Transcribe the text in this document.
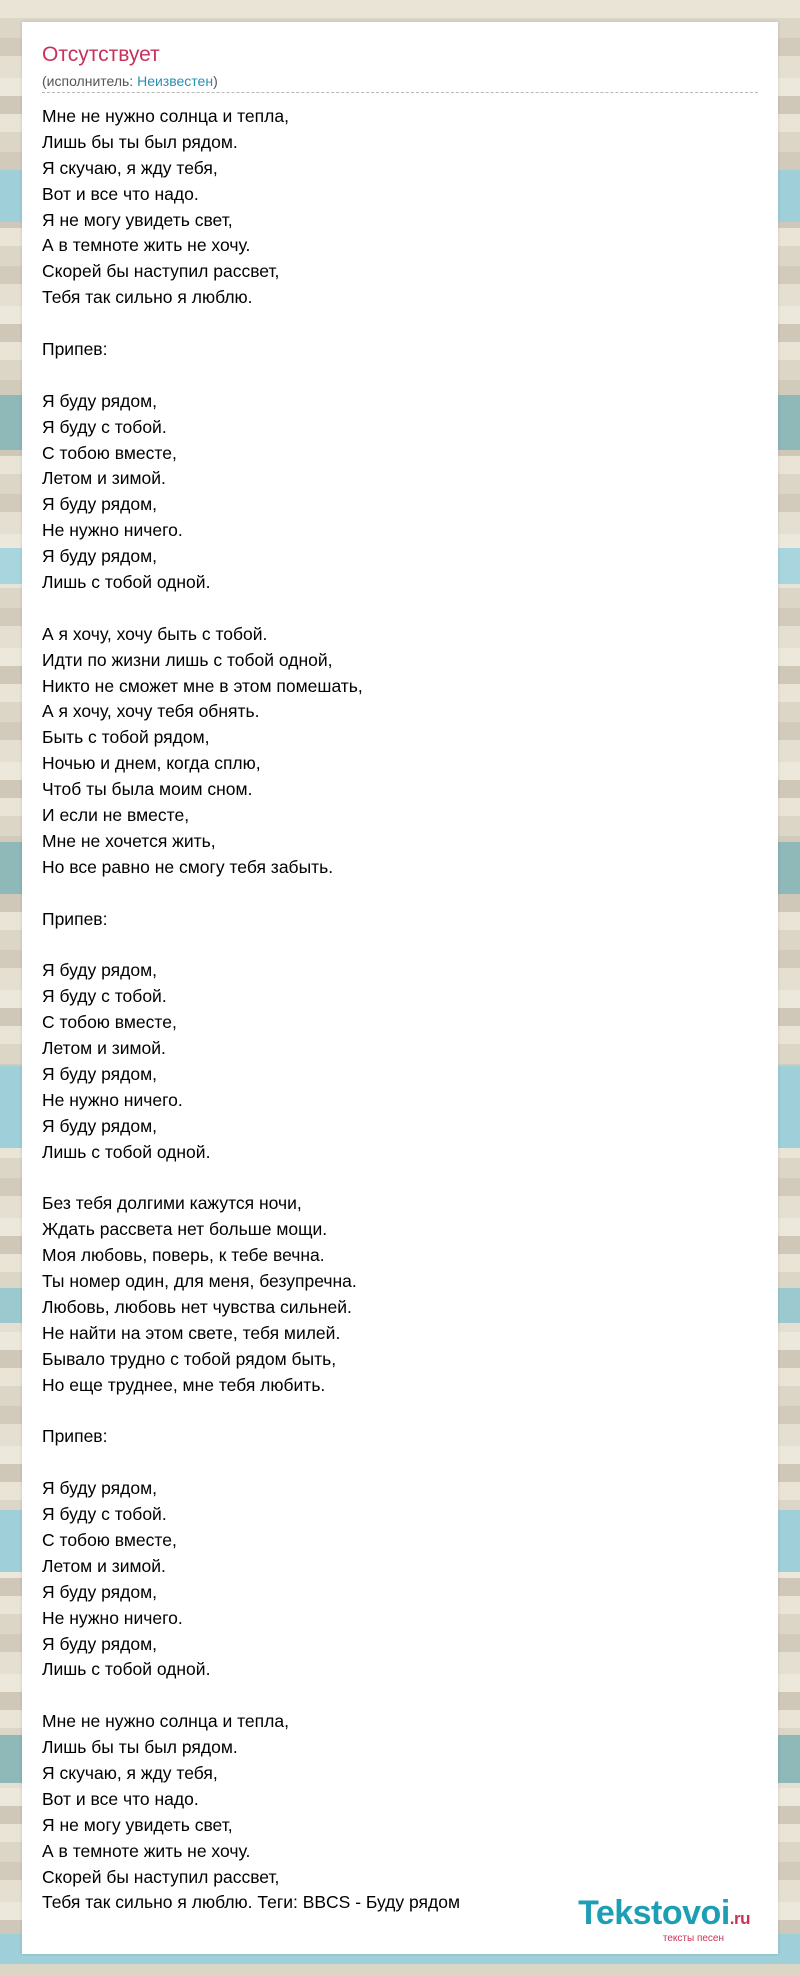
Отсутствует
(исполнитель: Неизвестен)
Мне не нужно солнца и тепла,
Лишь бы ты был рядом.
Я скучаю, я жду тебя,
Вот и все что надо.
Я не могу увидеть свет,
А в темноте жить не хочу.
Скорей бы наступил рассвет,
Тебя так сильно я люблю.
Припев:
Я буду рядом,
Я буду с тобой.
С тобою вместе,
Летом и зимой.
Я буду рядом,
Не нужно ничего.
Я буду рядом,
Лишь с тобой одной.
А я хочу, хочу быть с тобой.
Идти по жизни лишь с тобой одной,
Никто не сможет мне в этом помешать,
А я хочу, хочу тебя обнять.
Быть с тобой рядом,
Ночью и днем, когда сплю,
Чтоб ты была моим сном.
И если не вместе,
Мне не хочется жить,
Но все равно не смогу тебя забыть.
Припев:
Я буду рядом,
Я буду с тобой.
С тобою вместе,
Летом и зимой.
Я буду рядом,
Не нужно ничего.
Я буду рядом,
Лишь с тобой одной.
Без тебя долгими кажутся ночи,
Ждать рассвета нет больше мощи.
Моя любовь, поверь, к тебе вечна.
Ты номер один, для меня, безупречна.
Любовь, любовь нет чувства сильней.
Не найти на этом свете, тебя милей.
Бывало трудно с тобой рядом быть,
Но еще труднее, мне тебя любить.
Припев:
Я буду рядом,
Я буду с тобой.
С тобою вместе,
Летом и зимой.
Я буду рядом,
Не нужно ничего.
Я буду рядом,
Лишь с тобой одной.
Мне не нужно солнца и тепла,
Лишь бы ты был рядом.
Я скучаю, я жду тебя,
Вот и все что надо.
Я не могу увидеть свет,
А в темноте жить не хочу.
Скорей бы наступил рассвет,
Тебя так сильно я люблю. Теги: BBCS - Буду рядом	Tekstovoi.ru
тексты песен
